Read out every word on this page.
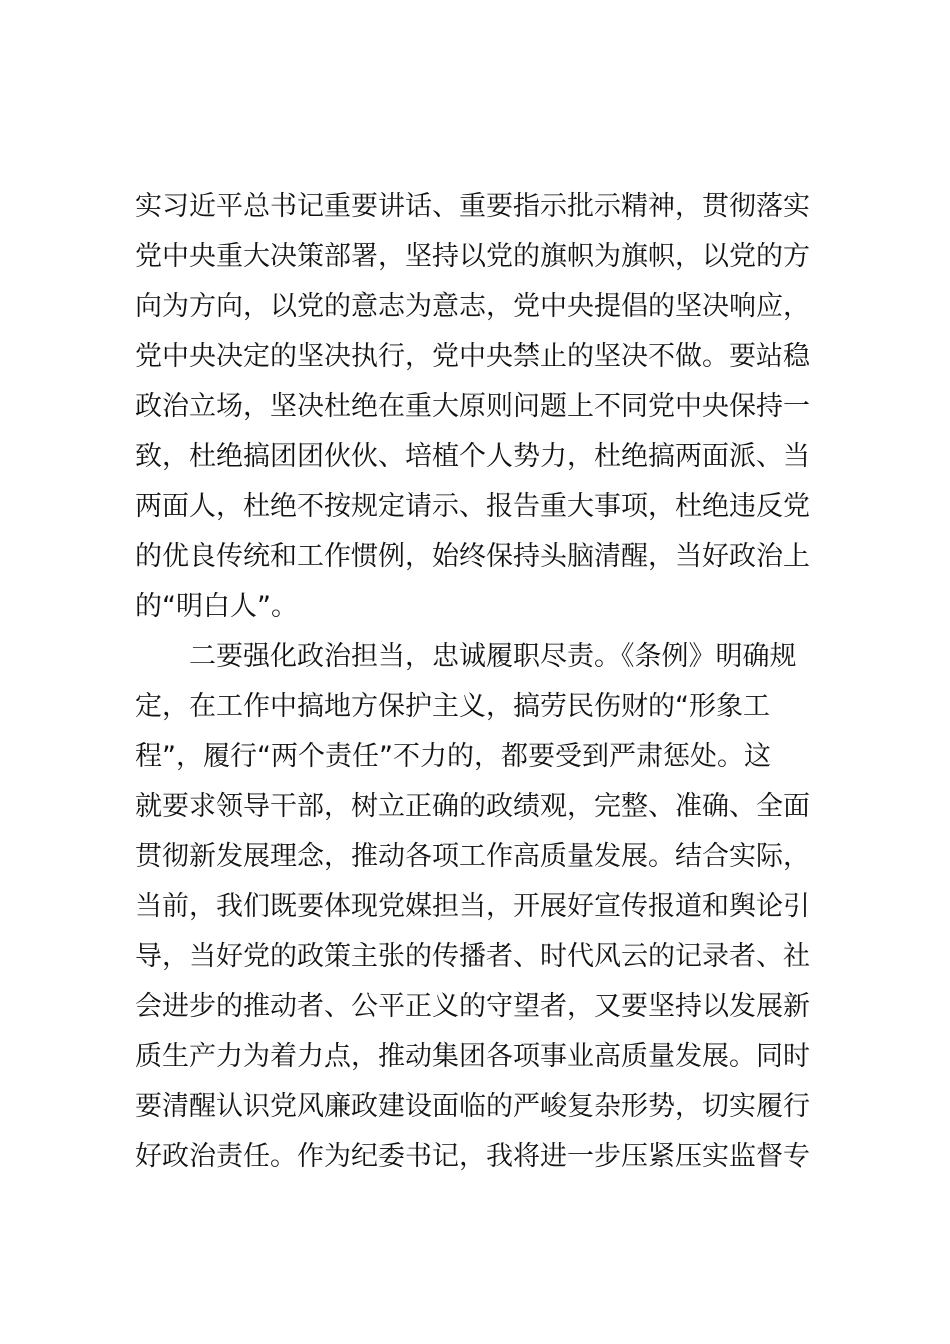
实习近平总书记重要讲话、重要指示批示精神，贯彻落实
党中央重大决策部署，坚持以党的旗帜为旗帜，以党的方
向为方向，以党的意志为意志，党中央提倡的坚决响应，
党中央决定的坚决执行，党中央禁止的坚决不做。要站稳
政治立场，坚决杜绝在重大原则问题上不同党中央保持一
致，杜绝搞团团伙伙、培植个人势力，杜绝搞两面派、当
两面人，杜绝不按规定请示、报告重大事项，杜绝违反党
的优良传统和工作惯例，始终保持头脑清醒，当好政治上
的“明白人”。
二要强化政治担当，忠诚履职尽责。《条例》明确规
定，在工作中搞地方保护主义，搞劳民伤财的“形象工
程”，履行“两个责任”不力的，都要受到严肃惩处。这
就要求领导干部，树立正确的政绩观，完整、准确、全面
贯彻新发展理念，推动各项工作高质量发展。结合实际，
当前，我们既要体现党媒担当，开展好宣传报道和舆论引
导，当好党的政策主张的传播者、时代风云的记录者、社
会进步的推动者、公平正义的守望者，又要坚持以发展新
质生产力为着力点，推动集团各项事业高质量发展。同时
要清醒认识党风廉政建设面临的严峻复杂形势，切实履行
好政治责任。作为纪委书记，我将进一步压紧压实监督专
